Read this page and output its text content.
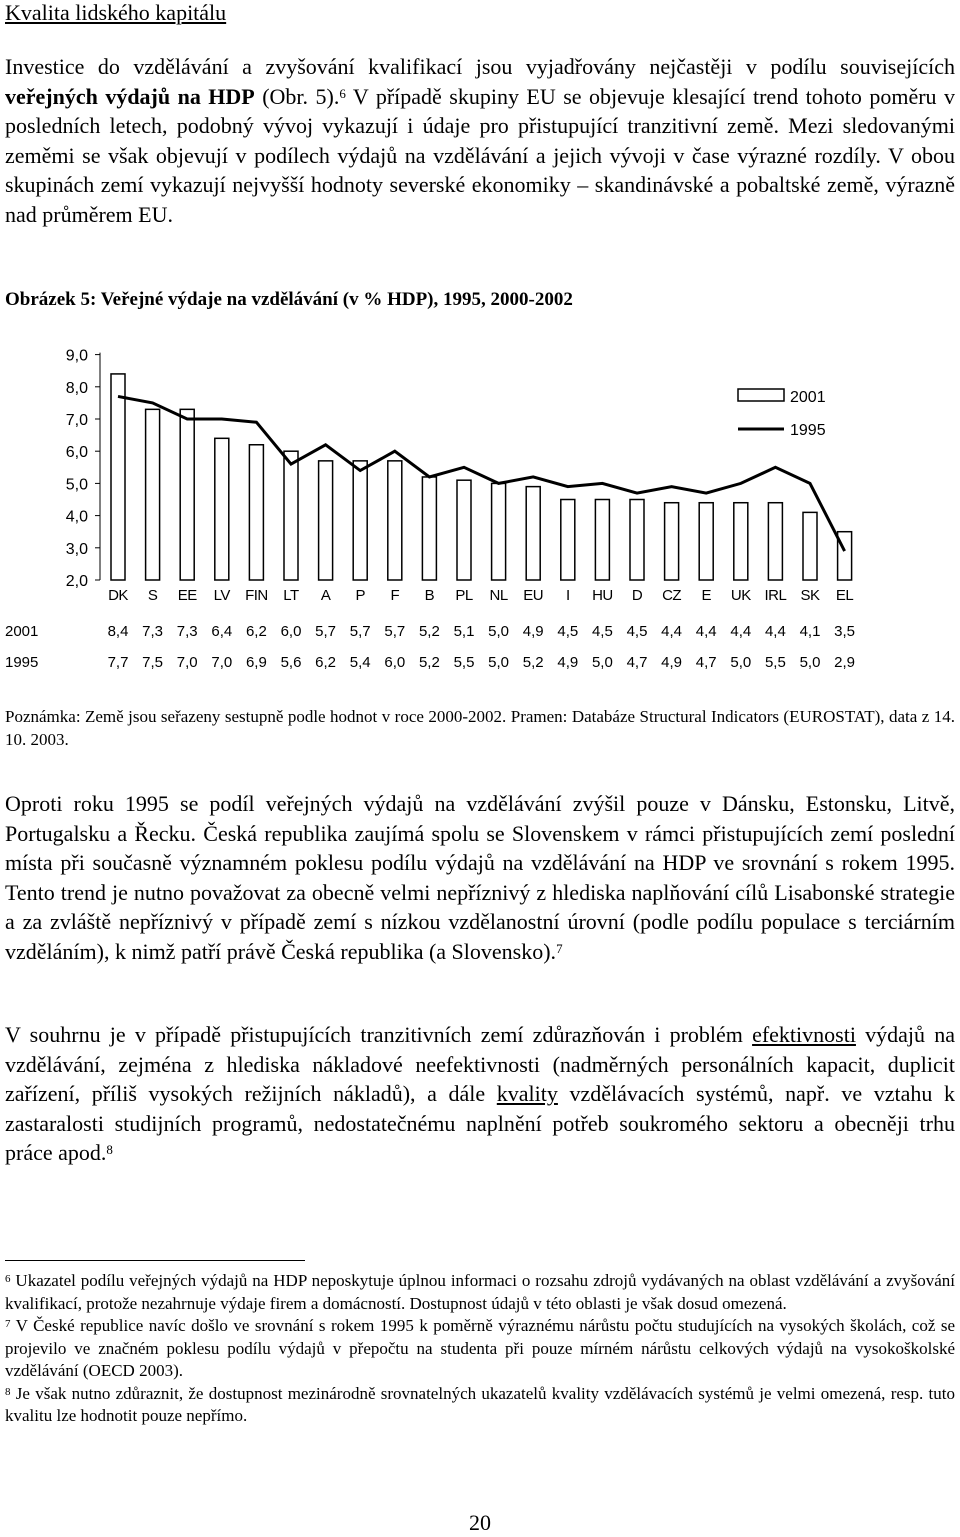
Kvalita lidského kapitálu
Investice do vzdělávání a zvyšování kvalifikací jsou vyjadřovány nejčastěji v podílu souvisejících veřejných výdajů na HDP (Obr. 5).$^6$ V případě skupiny EU se objevuje klesající trend tohoto poměru v posledních letech, podobný vývoj vykazují i údaje pro přistupující tranzitivní země. Mezi sledovanými zeměmi se však objevují v podílech výdajů na vzdělávání a jejich vývoji v čase výrazné rozdíly. V obou skupinách zemí vykazují nejvyšší hodnoty severské ekonomiky – skandinávské a pobaltské země, výrazně nad průměrem EU.
Obrázek 5: Veřejné výdaje na vzdělávání (v % HDP), 1995, 2000-2002
9,0
8,0
7,0
6,0
5,0
4,0
3,0
2,0
DK S EE LV FIN LT A P F B PL NL EU I HU D CZ E UK IRL SK EL
2001	8,4 7,3 7,3 6,4 6,2 6,0 5,7 5,7 5,7 5,2 5,1 5,0 4,9 4,5 4,5 4,5 4,4 4,4 4,4 4,4 4,1 3,5
1995	7,7 7,5 7,0 7,0 6,9 5,6 6,2 5,4 6,0 5,2 5,5 5,0 5,2 4,9 5,0 4,7 4,9 4,7 5,0 5,5 5,0 2,9
2001
1995
Poznámka: Země jsou seřazeny sestupně podle hodnot v roce 2000-2002. Pramen: Databáze Structural Indicators (EUROSTAT), data z 14. 10. 2003.
Oproti roku 1995 se podíl veřejných výdajů na vzdělávání zvýšil pouze v Dánsku, Estonsku, Litvě, Portugalsku a Řecku. Česká republika zaujímá spolu se Slovenskem v rámci přistupujících zemí poslední místa při současně významném poklesu podílu výdajů na vzdělávání na HDP ve srovnání s rokem 1995. Tento trend je nutno považovat za obecně velmi nepříznivý z hlediska naplňování cílů Lisabonské strategie a za zvláště nepříznivý v případě zemí s nízkou vzdělanostní úrovní (podle podílu populace s terciárním vzděláním), k nimž patří právě Česká republika (a Slovensko).$^7$
V souhrnu je v případě přistupujících tranzitivních zemí zdůrazňován i problém efektivnosti výdajů na vzdělávání, zejména z hlediska nákladové neefektivnosti (nadměrných personálních kapacit, duplicit zařízení, příliš vysokých režijních nákladů), a dále kvality vzdělávacích systémů, např. ve vztahu k zastaralosti studijních programů, nedostatečnému naplnění potřeb soukromého sektoru a obecněji trhu práce apod.$^8$
$^6$ Ukazatel podílu veřejných výdajů na HDP neposkytuje úplnou informaci o rozsahu zdrojů vydávaných na oblast vzdělávání a zvyšování kvalifikací, protože nezahrnuje výdaje firem a domácností. Dostupnost údajů v této oblasti je však dosud omezená.
$^7$ V České republice navíc došlo ve srovnání s rokem 1995 k poměrně výraznému nárůstu počtu studujících na vysokých školách, což se projevilo ve značném poklesu podílu výdajů v přepočtu na studenta při pouze mírném nárůstu celkových výdajů na vysokoškolské vzdělávání (OECD 2003).
$^8$ Je však nutno zdůraznit, že dostupnost mezinárodně srovnatelných ukazatelů kvality vzdělávacích systémů je velmi omezená, resp. tuto kvalitu lze hodnotit pouze nepřímo.
20
